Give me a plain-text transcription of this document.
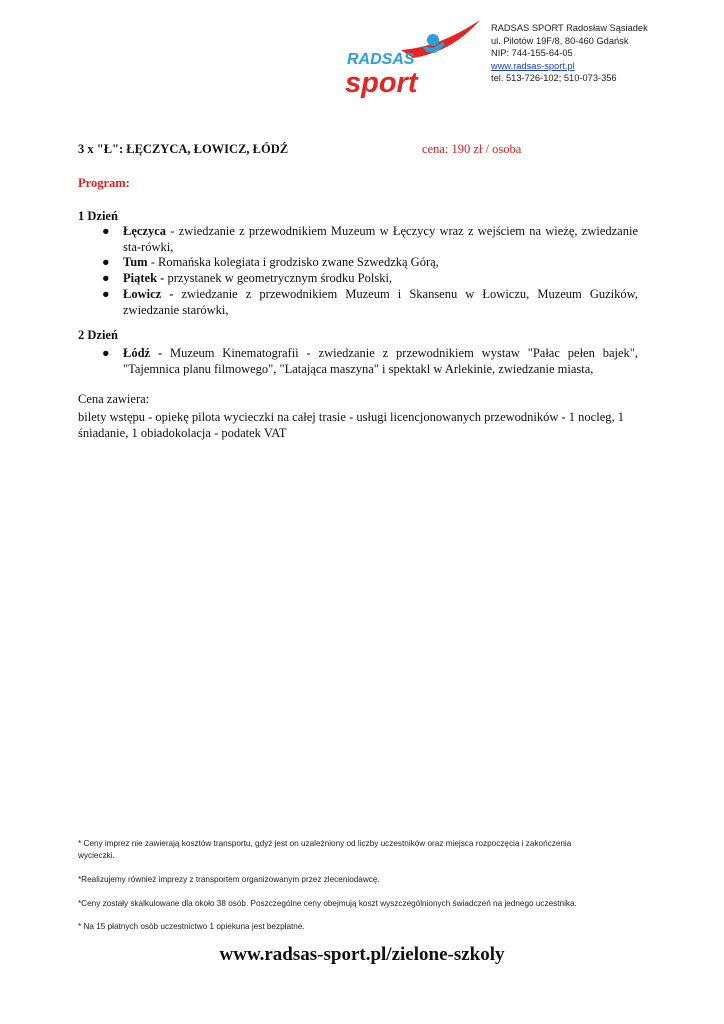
RADSAS
sport
RADSAS SPORT Radosław Sąsiadek
ul. Pilotów 19F/8, 80-460 Gdańsk
NIP: 744-155-64-05
www.radsas-sport.pl
tel. 513-726-102; 510-073-356
3 x "Ł": ŁĘCZYCA, ŁOWICZ, ŁÓDŹ	cena: 190 zł / osoba
Program:
1 Dzień
● Łęczyca - zwiedzanie z przewodnikiem Muzeum w Łęczycy wraz z wejściem na wieżę, zwiedzanie sta-rówki,
● Tum - Romańska kolegiata i grodzisko zwane Szwedzką Górą,
● Piątek - przystanek w geometrycznym środku Polski,
● Łowicz - zwiedzanie z przewodnikiem Muzeum i Skansenu w Łowiczu, Muzeum Guzików, zwiedzanie starówki,
2 Dzień
● Łódź - Muzeum Kinematografii - zwiedzanie z przewodnikiem wystaw "Pałac pełen bajek", "Tajemnica planu filmowego", "Latająca maszyna" i spektakl w Arlekinie, zwiedzanie miasta,
Cena zawiera:
bilety wstępu - opiekę pilota wycieczki na całej trasie - usługi licencjonowanych przewodników - 1 nocleg, 1 śniadanie, 1 obiadokolacja - podatek VAT
* Ceny imprez nie zawierają kosztów transportu, gdyż jest on uzależniony od liczby uczestników oraz miejsca rozpoczęcia i zakończenia wycieczki.
*Realizujemy również imprezy z transportem organizowanym przez zleceniodawcę.
*Ceny zostały skalkulowane dla około 38 osób. Poszczególne ceny obejmują koszt wyszczególnionych świadczeń na jednego uczestnika.
* Na 15 płatnych osób uczestnictwo 1 opiekuna jest bezpłatne.
www.radsas-sport.pl/zielone-szkoly
